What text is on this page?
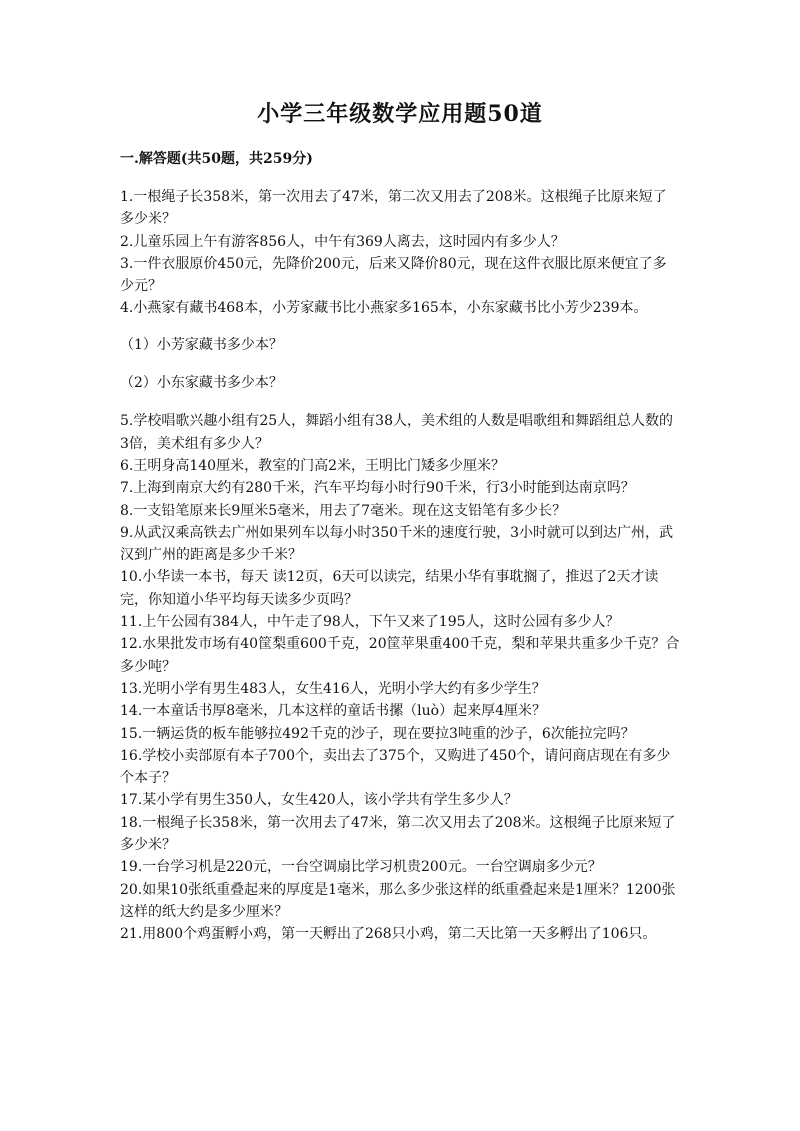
小学三年级数学应用题50道
一.解答题(共50题，共259分)

1.一根绳子长358米，第一次用去了47米，第二次又用去了208米。这根绳子比原来短了多少米？

2.儿童乐园上午有游客856人，中午有369人离去，这时园内有多少人？

3.一件衣服原价450元，先降价200元，后来又降价80元，现在这件衣服比原来便宜了多少元？

4.小燕家有藏书468本，小芳家藏书比小燕家多165本，小东家藏书比小芳少239本。

（1）小芳家藏书多少本？

（2）小东家藏书多少本？

5.学校唱歌兴趣小组有25人，舞蹈小组有38人，美术组的人数是唱歌组和舞蹈组总人数的3倍，美术组有多少人？

6.王明身高140厘米，教室的门高2米，王明比门矮多少厘米？

7.上海到南京大约有280千米，汽车平均每小时行90千米，行3小时能到达南京吗？

8.一支铅笔原来长9厘米5毫米，用去了7毫米。现在这支铅笔有多少长？

9.从武汉乘高铁去广州如果列车以每小时350千米的速度行驶，3小时就可以到达广州，武汉到广州的距离是多少千米？

10.小华读一本书，每天 读12页，6天可以读完，结果小华有事耽搁了，推迟了2天才读完，你知道小华平均每天读多少页吗？

11.上午公园有384人，中午走了98人，下午又来了195人，这时公园有多少人？

12.水果批发市场有40筐梨重600千克，20筐苹果重400千克，梨和苹果共重多少千克？合多少吨？

13.光明小学有男生483人，女生416人，光明小学大约有多少学生？

14.一本童话书厚8毫米，几本这样的童话书摞（luò）起来厚4厘米？

15.一辆运货的板车能够拉492千克的沙子，现在要拉3吨重的沙子，6次能拉完吗？

16.学校小卖部原有本子700个，卖出去了375个，又购进了450个，请问商店现在有多少个本子？

17.某小学有男生350人，女生420人，该小学共有学生多少人？

18.一根绳子长358米，第一次用去了47米，第二次又用去了208米。这根绳子比原来短了多少米？

19.一台学习机是220元，一台空调扇比学习机贵200元。一台空调扇多少元？

20.如果10张纸重叠起来的厚度是1毫米，那么多少张这样的纸重叠起来是1厘米？1200张这样的纸大约是多少厘米？

21.用800个鸡蛋孵小鸡，第一天孵出了268只小鸡，第二天比第一天多孵出了106只。
